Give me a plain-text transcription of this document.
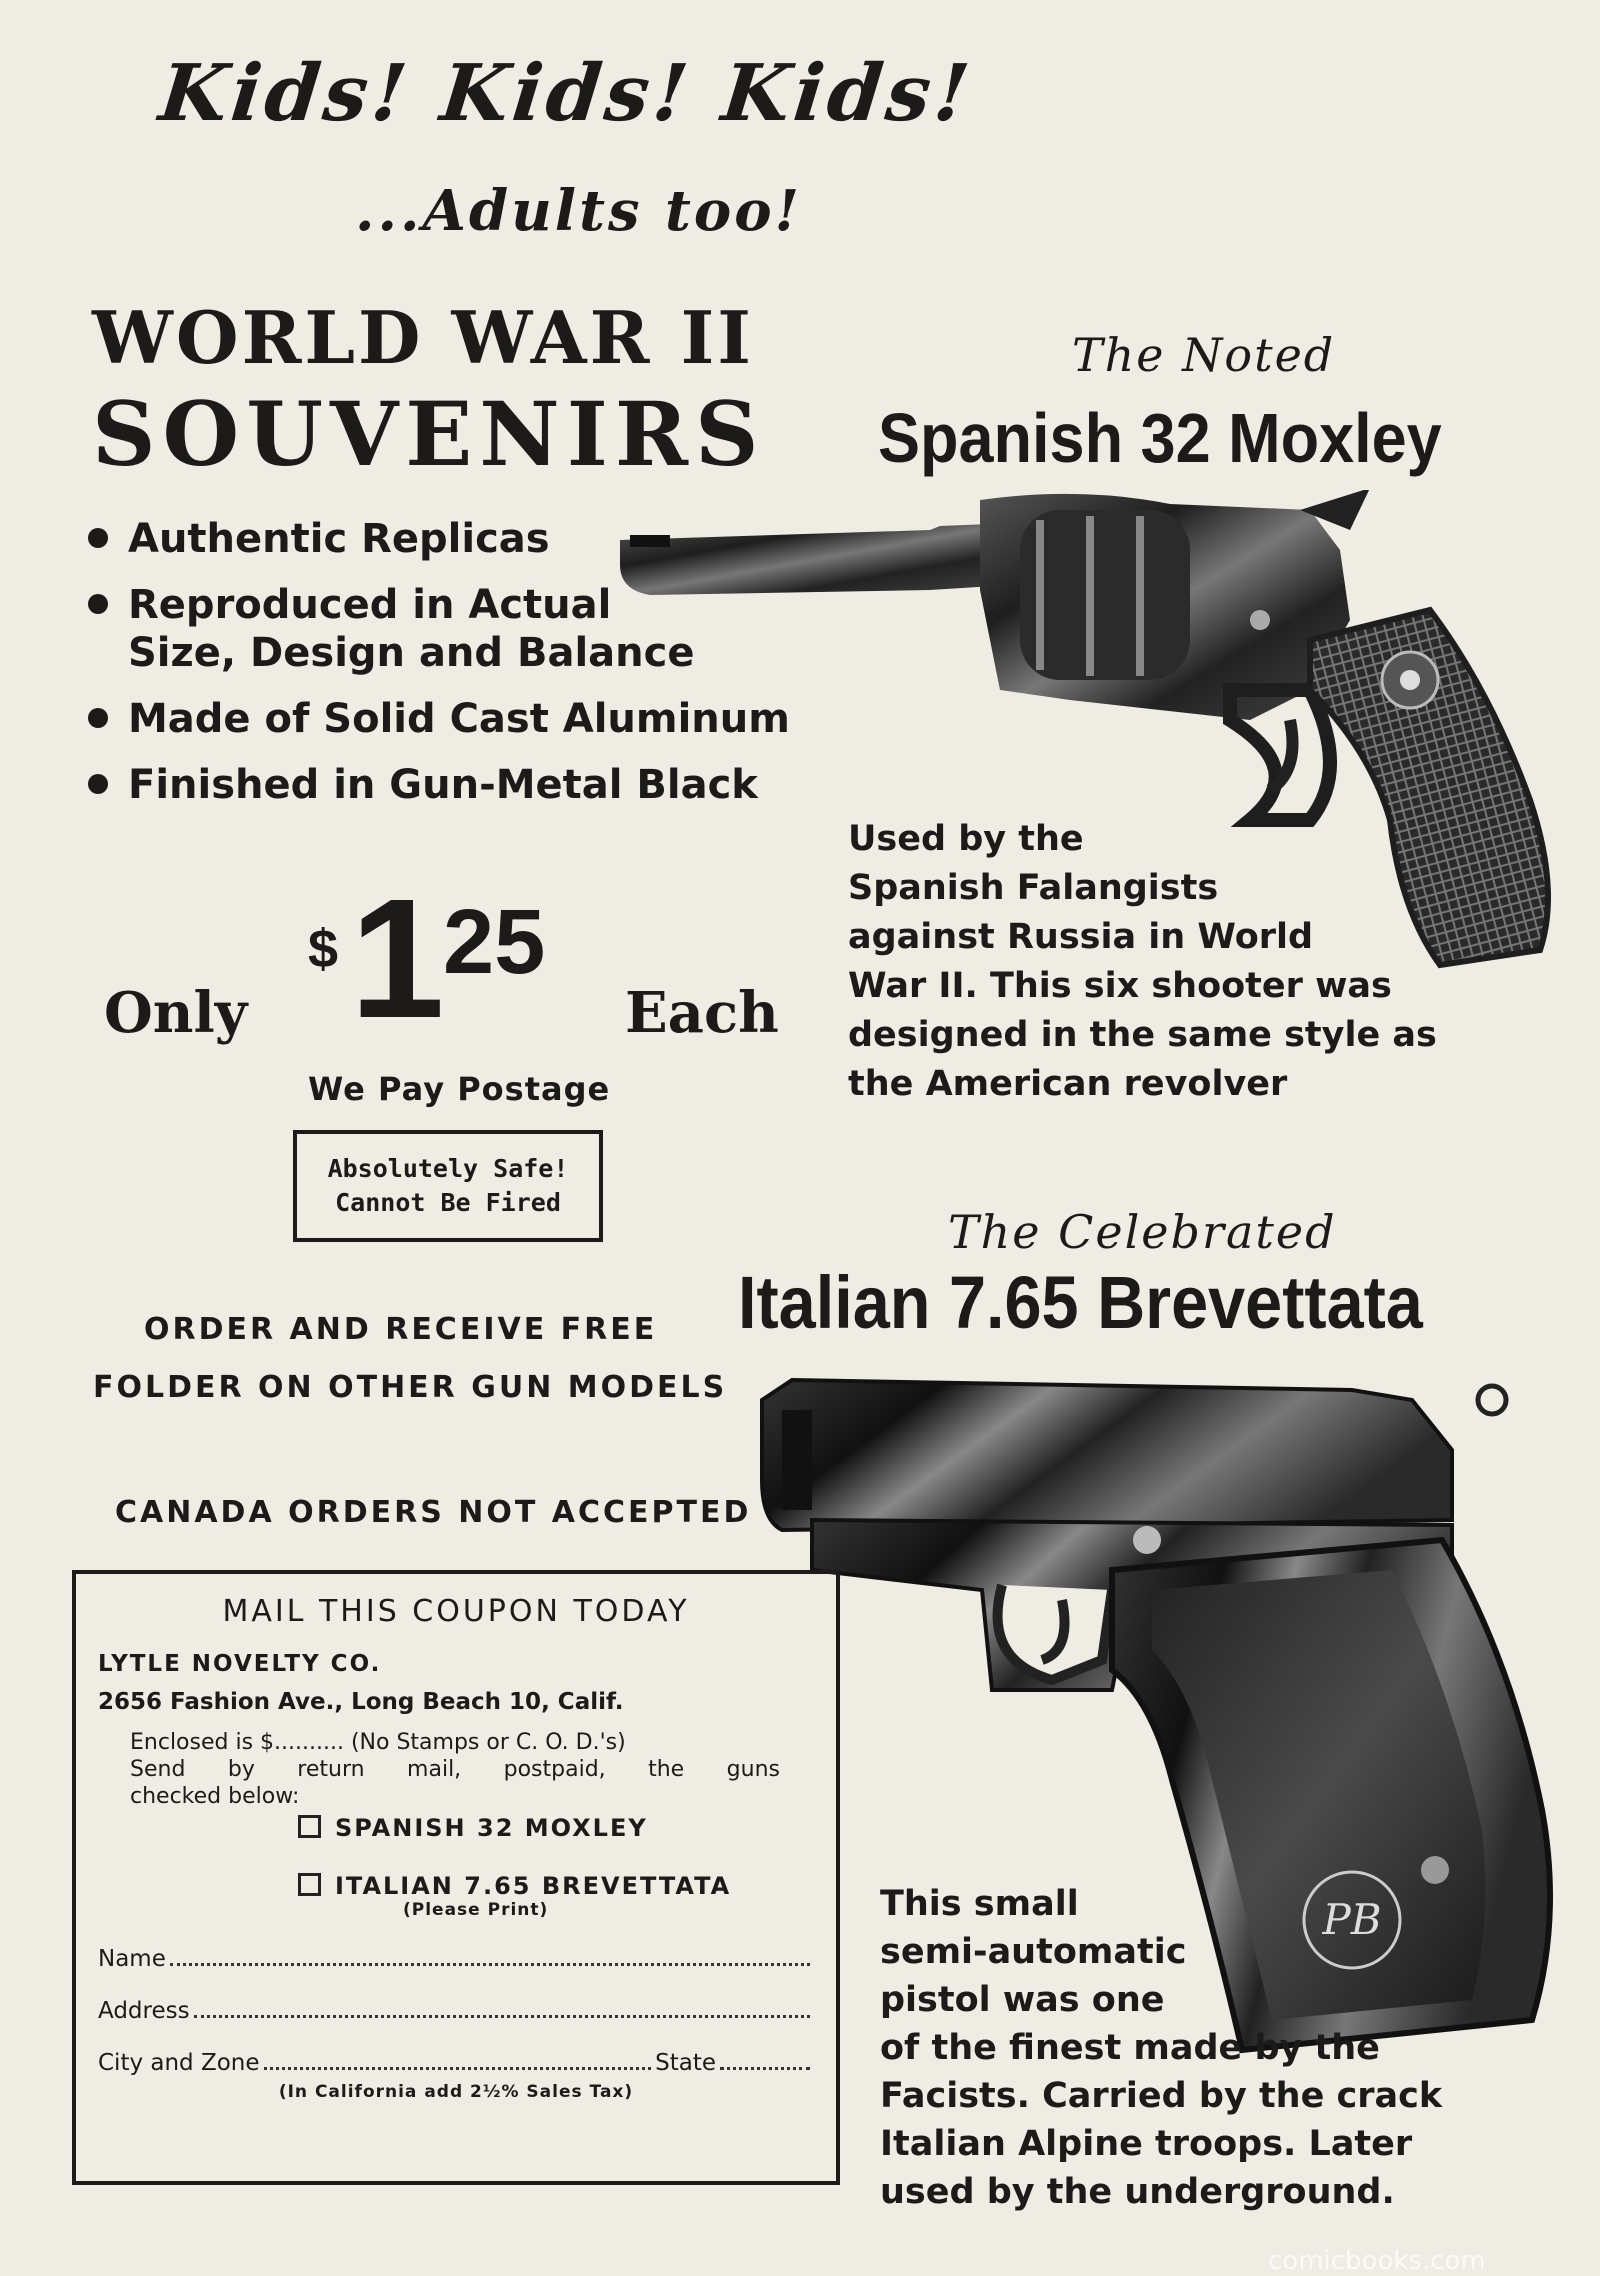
Kids! Kids! Kids!
...Adults too!
WORLD WAR II
SOUVENIRS
Authentic Replicas
Reproduced in Actual Size, Design and Balance
Made of Solid Cast Aluminum
Finished in Gun-Metal Black
Only
$ 1
25
Each
We Pay Postage
Absolutely Safe!
Cannot Be Fired
ORDER AND RECEIVE FREE
FOLDER ON OTHER GUN MODELS
CANADA ORDERS NOT ACCEPTED
The Noted
Spanish 32 Moxley
Used by the
Spanish Falangists
against Russia in World
War II. This six shooter was
designed in the same style as
the American revolver
The Celebrated
Italian 7.65 Brevettata
PB
This small
semi-automatic
pistol was one
of the finest made by the
Facists. Carried by the crack
Italian Alpine troops. Later
used by the underground.
MAIL THIS COUPON TODAY
LYTLE NOVELTY CO.
2656 Fashion Ave., Long Beach 10, Calif.
Enclosed is $.......... (No Stamps or C. O. D.'s)
Send by return mail, postpaid, the guns
checked below:
SPANISH 32 MOXLEY
ITALIAN 7.65 BREVETTATA
(Please Print)
Name
Address
City and Zone	State
(In California add 2½% Sales Tax)
comicbooks.com
